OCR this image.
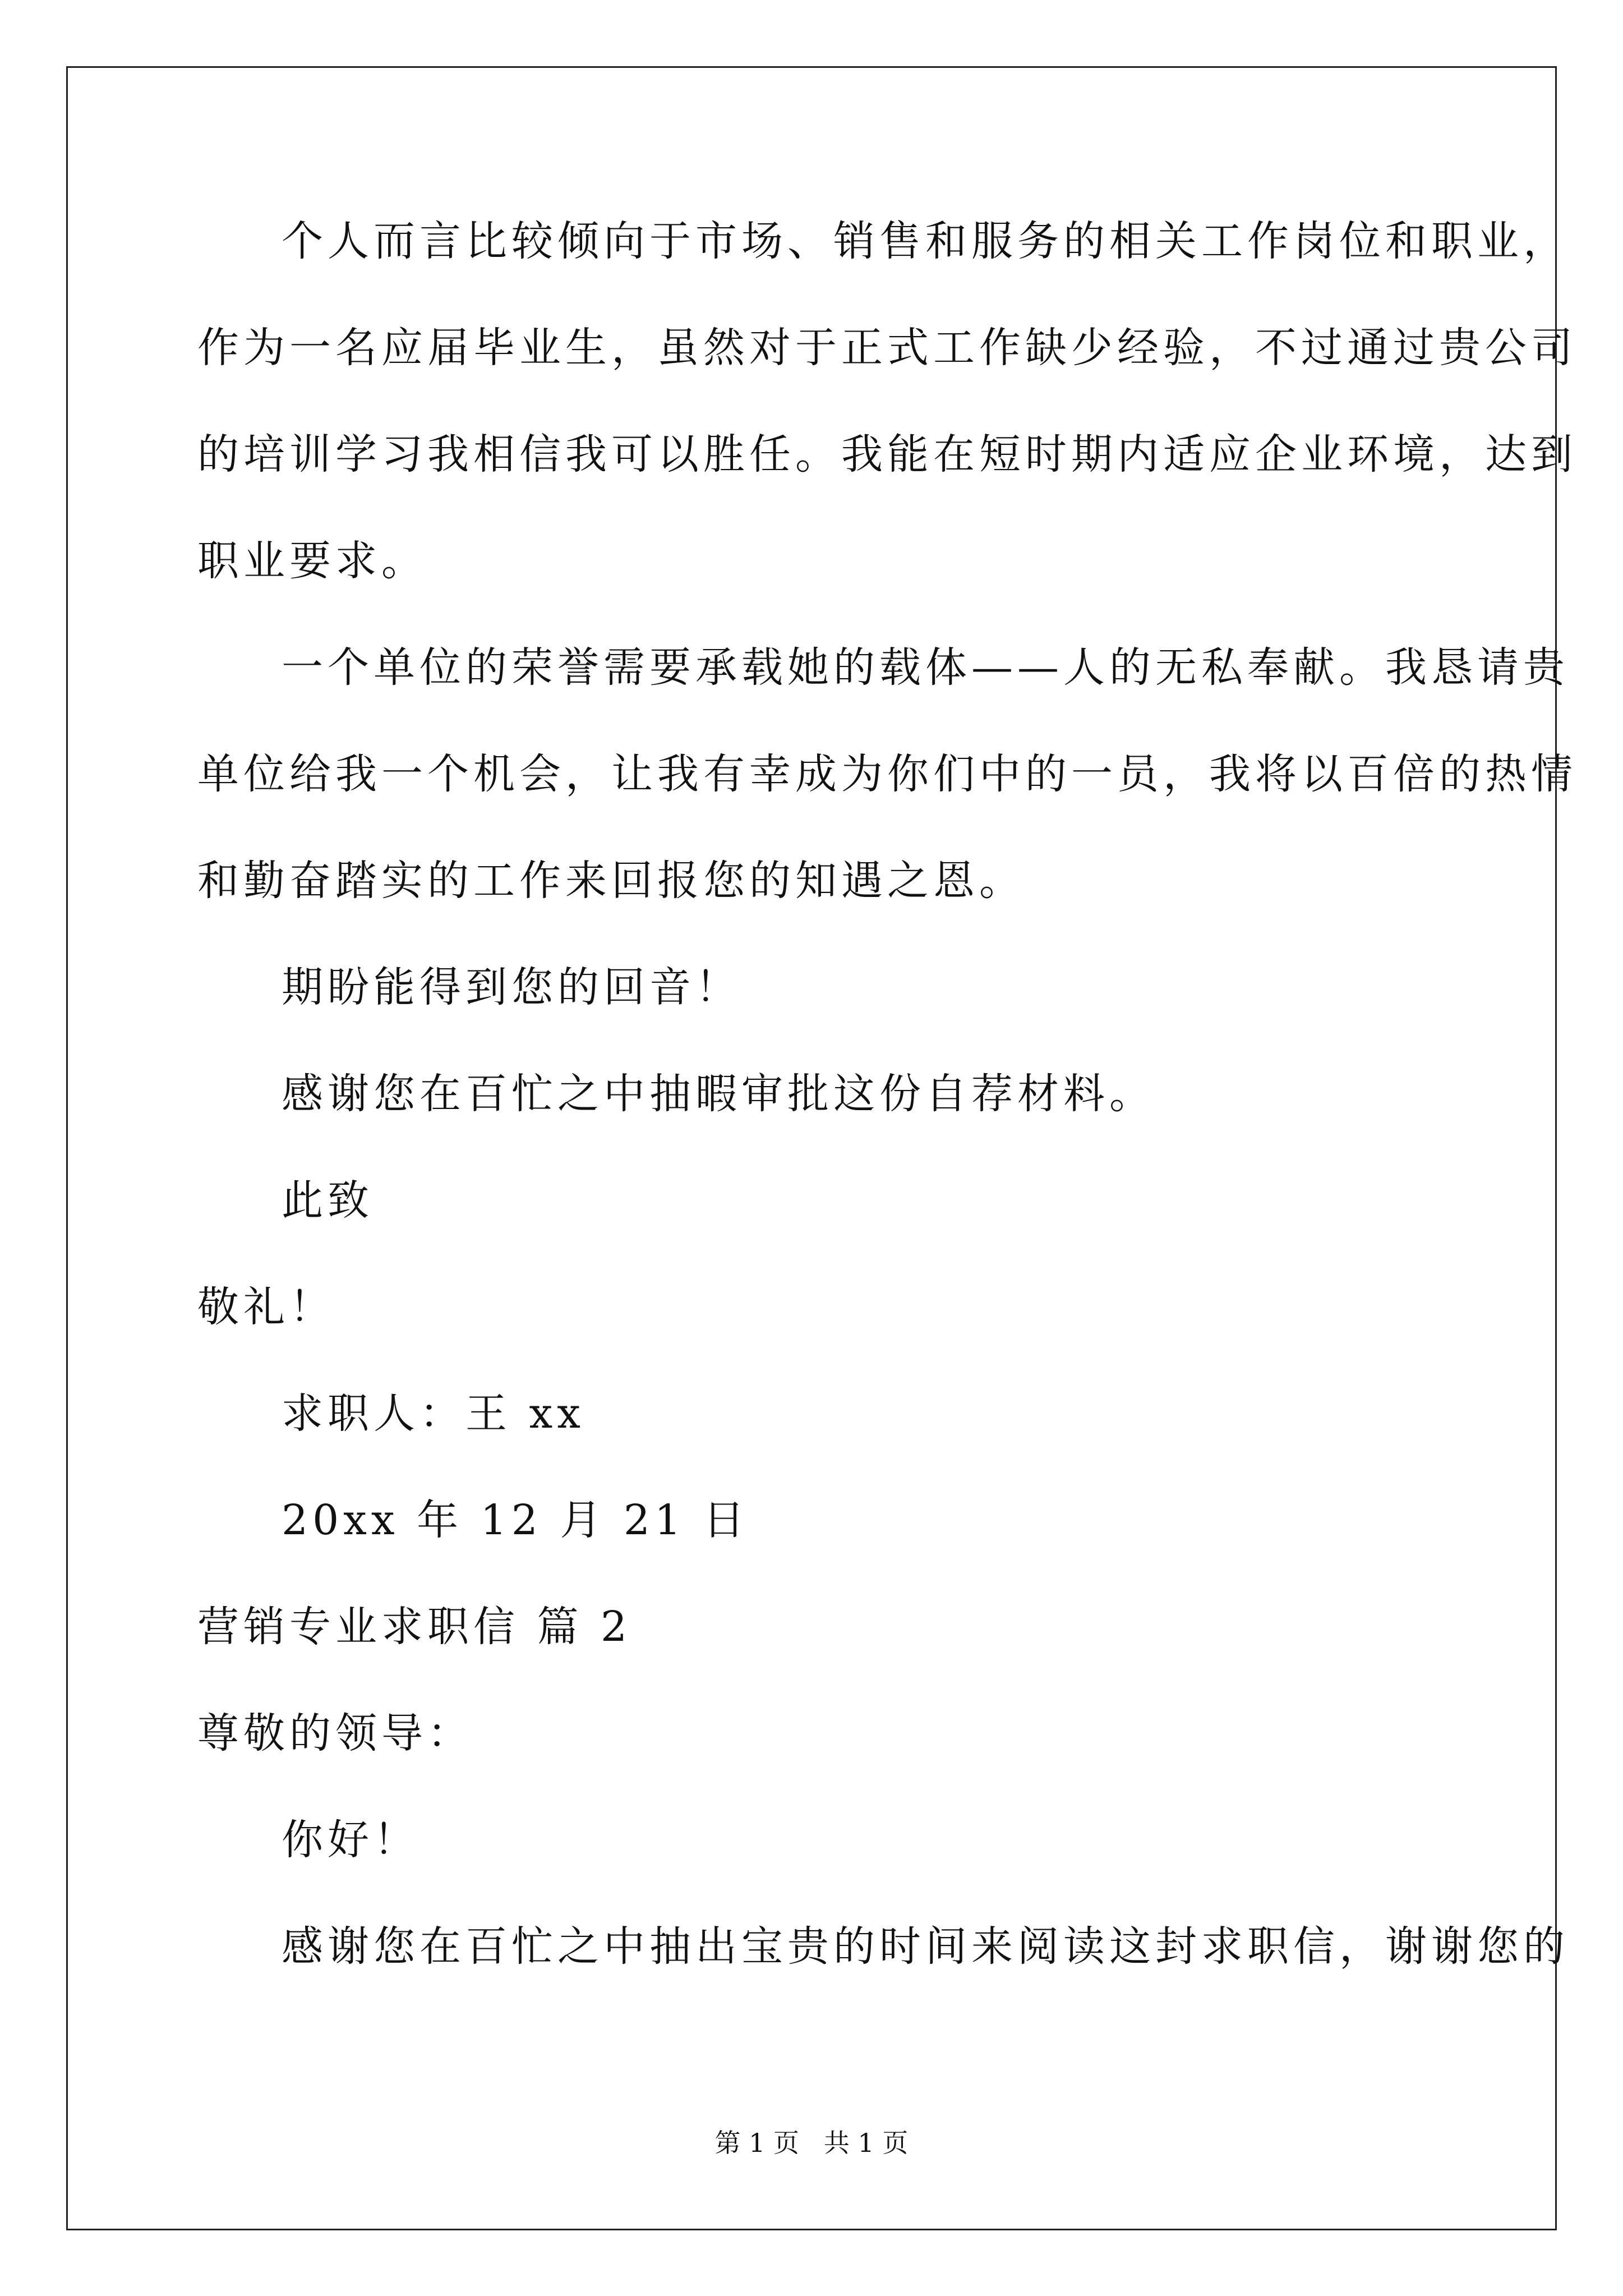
个人而言比较倾向于市场、销售和服务的相关工作岗位和职业，
作为一名应届毕业生，虽然对于正式工作缺少经验，不过通过贵公司
的培训学习我相信我可以胜任。我能在短时期内适应企业环境，达到
职业要求。
一个单位的荣誉需要承载她的载体——人的无私奉献。我恳请贵
单位给我一个机会，让我有幸成为你们中的一员，我将以百倍的热情
和勤奋踏实的工作来回报您的知遇之恩。
期盼能得到您的回音！
感谢您在百忙之中抽暇审批这份自荐材料。
此致
敬礼！
求职人：王 xx
20xx 年 12 月 21 日
营销专业求职信 篇 2
尊敬的领导：
你好！
感谢您在百忙之中抽出宝贵的时间来阅读这封求职信，谢谢您的
第 1 页   共 1 页
